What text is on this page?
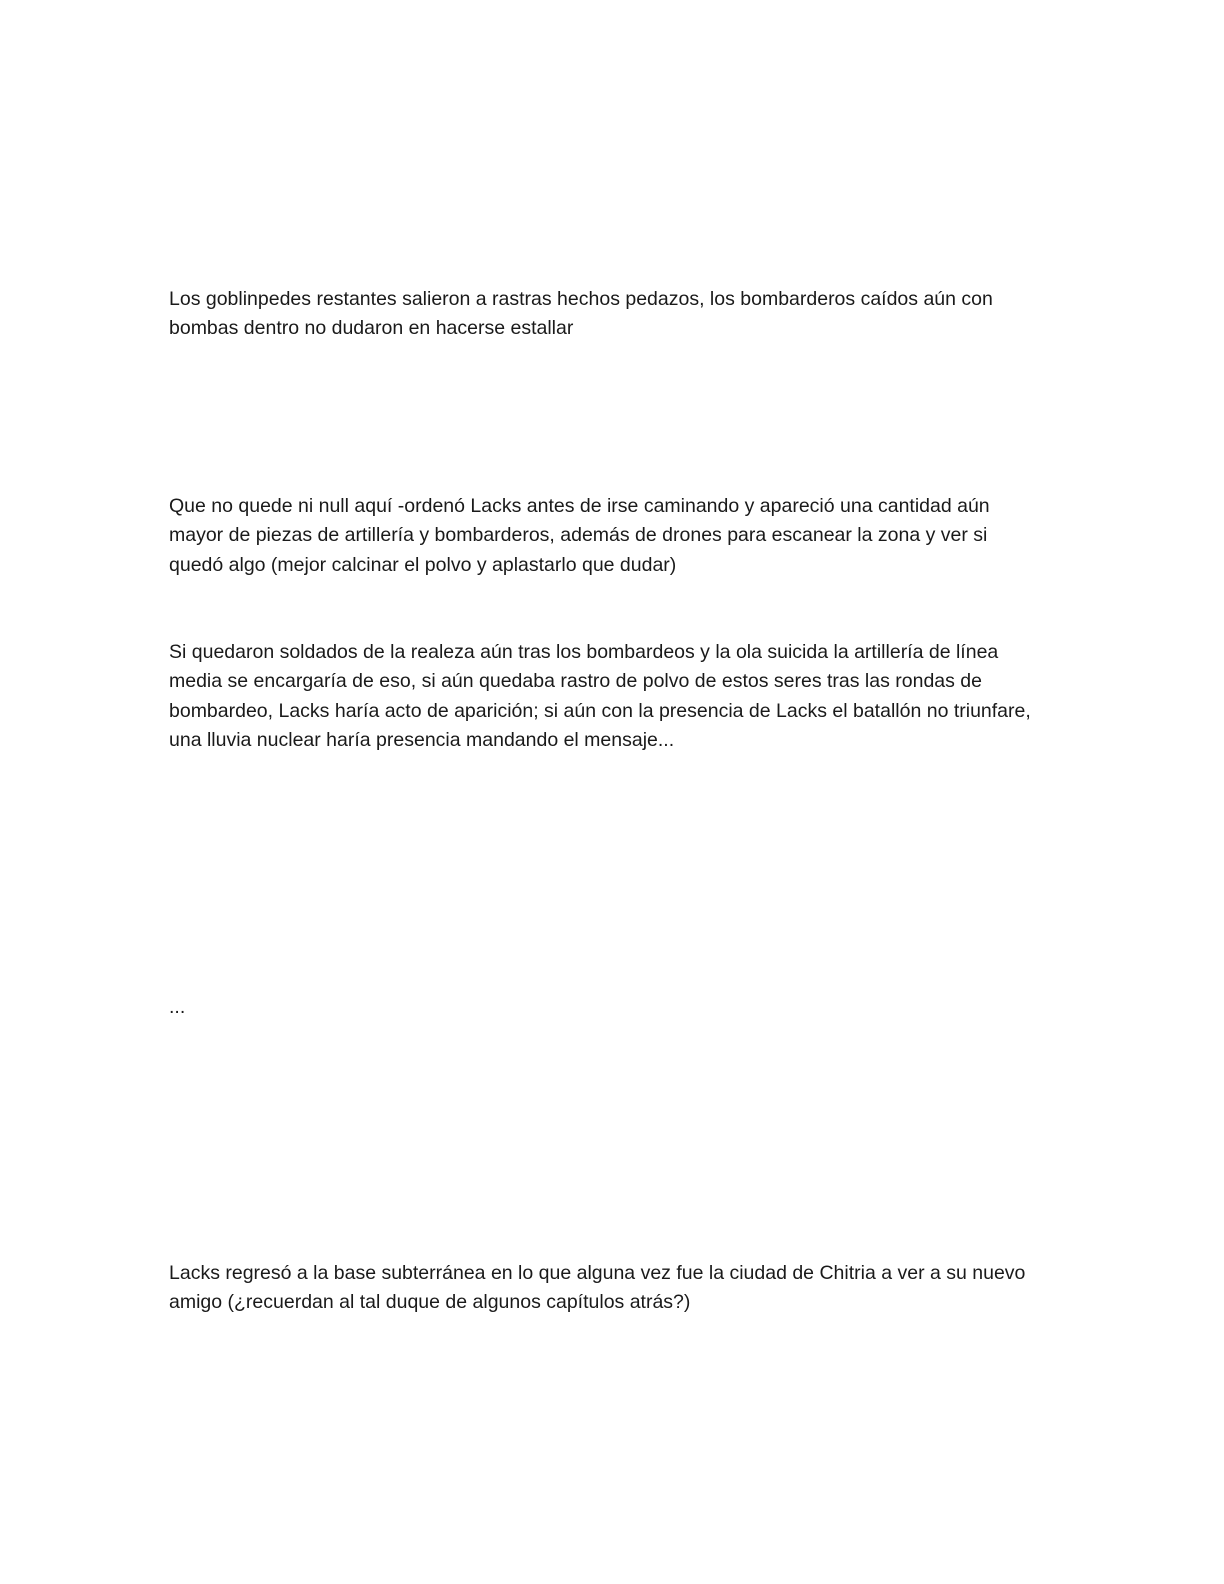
Los goblinpedes restantes salieron a rastras hechos pedazos, los bombarderos caídos aún con
bombas dentro no dudaron en hacerse estallar

Que no quede ni null aquí -ordenó Lacks antes de irse caminando y apareció una cantidad aún
mayor de piezas de artillería y bombarderos, además de drones para escanear la zona y ver si
quedó algo (mejor calcinar el polvo y aplastarlo que dudar)

Si quedaron soldados de la realeza aún tras los bombardeos y la ola suicida la artillería de línea
media se encargaría de eso, si aún quedaba rastro de polvo de estos seres tras las rondas de
bombardeo, Lacks haría acto de aparición; si aún con la presencia de Lacks el batallón no triunfare,
una lluvia nuclear haría presencia mandando el mensaje...

...

Lacks regresó a la base subterránea en lo que alguna vez fue la ciudad de Chitria a ver a su nuevo
amigo (¿recuerdan al tal duque de algunos capítulos atrás?)
